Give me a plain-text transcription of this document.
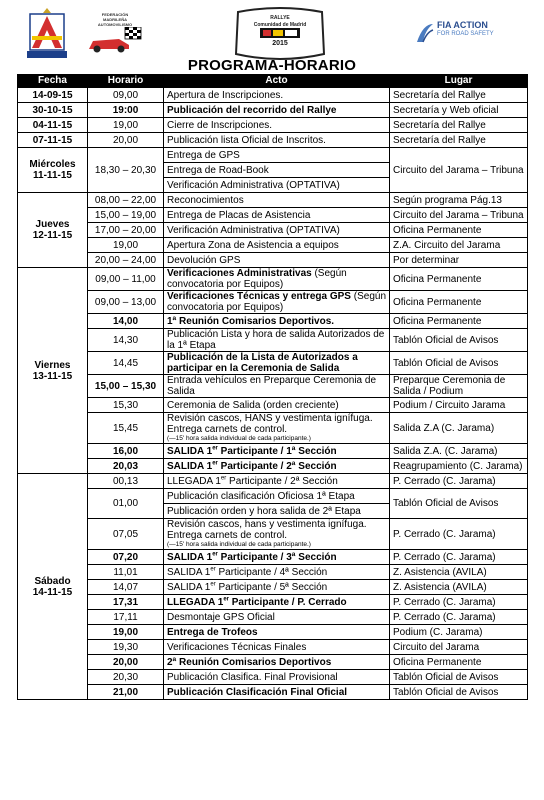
FEDERACIÓN
MADRILEÑA
AUTOMOVILISMO
RALLYE
Comunidad de Madrid
2015
FIA ACTION
FOR ROAD SAFETY
PROGRAMA-HORARIO
Fecha	Horario	Acto	Lugar
14-09-15	09,00	Apertura de Inscripciones.	Secretaría del Rallye
30-10-15	19:00	Publicación del recorrido del Rallye	Secretaría y Web oficial
04-11-15	19,00	Cierre de Inscripciones.	Secretaría del Rallye
07-11-15	20,00	Publicación lista Oficial de Inscritos.	Secretaría del Rallye

Miércoles
11-11-15	18,30 – 20,30	Entrega de GPS	Circuito del Jarama – Tribuna
		Entrega de Road-Book	
		Verificación Administrativa (OPTATIVA)	

Jueves
12-11-15	08,00 – 22,00	Reconocimientos	Según programa Pág.13
	15,00 – 19,00	Entrega de Placas de Asistencia	Circuito del Jarama – Tribuna
	17,00 – 20,00	Verificación Administrativa (OPTATIVA)	Oficina Permanente
	19,00	Apertura Zona de Asistencia a equipos	Z.A. Circuito del Jarama
	20,00 – 24,00	Devolución GPS	Por determinar

Viernes
13-11-15	09,00 – 11,00	Verificaciones Administrativas (Según convocatoria por Equipos)	Oficina Permanente
	09,00 – 13,00	Verificaciones Técnicas y entrega GPS (Según convocatoria por Equipos)	Oficina Permanente
	14,00	1ª Reunión Comisarios Deportivos.	Oficina Permanente
	14,30	Publicación Lista y hora de salida Autorizados de la 1ª Etapa	Tablón Oficial de Avisos
	14,45	Publicación de la Lista de Autorizados a participar en la Ceremonia de Salida	Tablón Oficial de Avisos
	15,00 – 15,30	Entrada vehículos en Preparque Ceremonia de Salida	Preparque Ceremonia de Salida / Podium
	15,30	Ceremonia de Salida (orden creciente)	Podium / Circuito Jarama
	15,45	Revisión cascos, HANS y vestimenta ignífuga. Entrega carnets de control.
(—15' hora salida individual de cada participante.)	Salida Z.A (C. Jarama)
	16,00	SALIDA 1er Participante / 1ª Sección	Salida Z.A. (C. Jarama)
	20,03	SALIDA 1er Participante / 2ª Sección	Reagrupamiento (C. Jarama)

Sábado
14-11-15	00,13	LLEGADA 1er Participante / 2ª Sección	P. Cerrado (C. Jarama)
	01,00	Publicación clasificación Oficiosa 1ª Etapa	Tablón Oficial de Avisos
		Publicación orden y hora salida de 2ª Etapa	
	07,05	Revisión cascos, hans y vestimenta ignífuga. Entrega carnets de control.
(—15' hora salida individual de cada participante.)	P. Cerrado (C. Jarama)
	07,20	SALIDA 1er Participante / 3ª Sección	P. Cerrado (C. Jarama)
	11,01	SALIDA 1er Participante / 4ª Sección	Z. Asistencia (AVILA)
	14,07	SALIDA 1er Participante / 5ª Sección	Z. Asistencia (AVILA)
	17,31	LLEGADA 1er Participante / P. Cerrado	P. Cerrado (C. Jarama)
	17,11	Desmontaje GPS Oficial	P. Cerrado (C. Jarama)
	19,00	Entrega de Trofeos	Podium (C. Jarama)
	19,30	Verificaciones Técnicas Finales	Circuito del Jarama
	20,00	2ª Reunión Comisarios Deportivos	Oficina Permanente
	20,30	Publicación Clasifica. Final Provisional	Tablón Oficial de Avisos
	21,00	Publicación Clasificación Final Oficial	Tablón Oficial de Avisos
